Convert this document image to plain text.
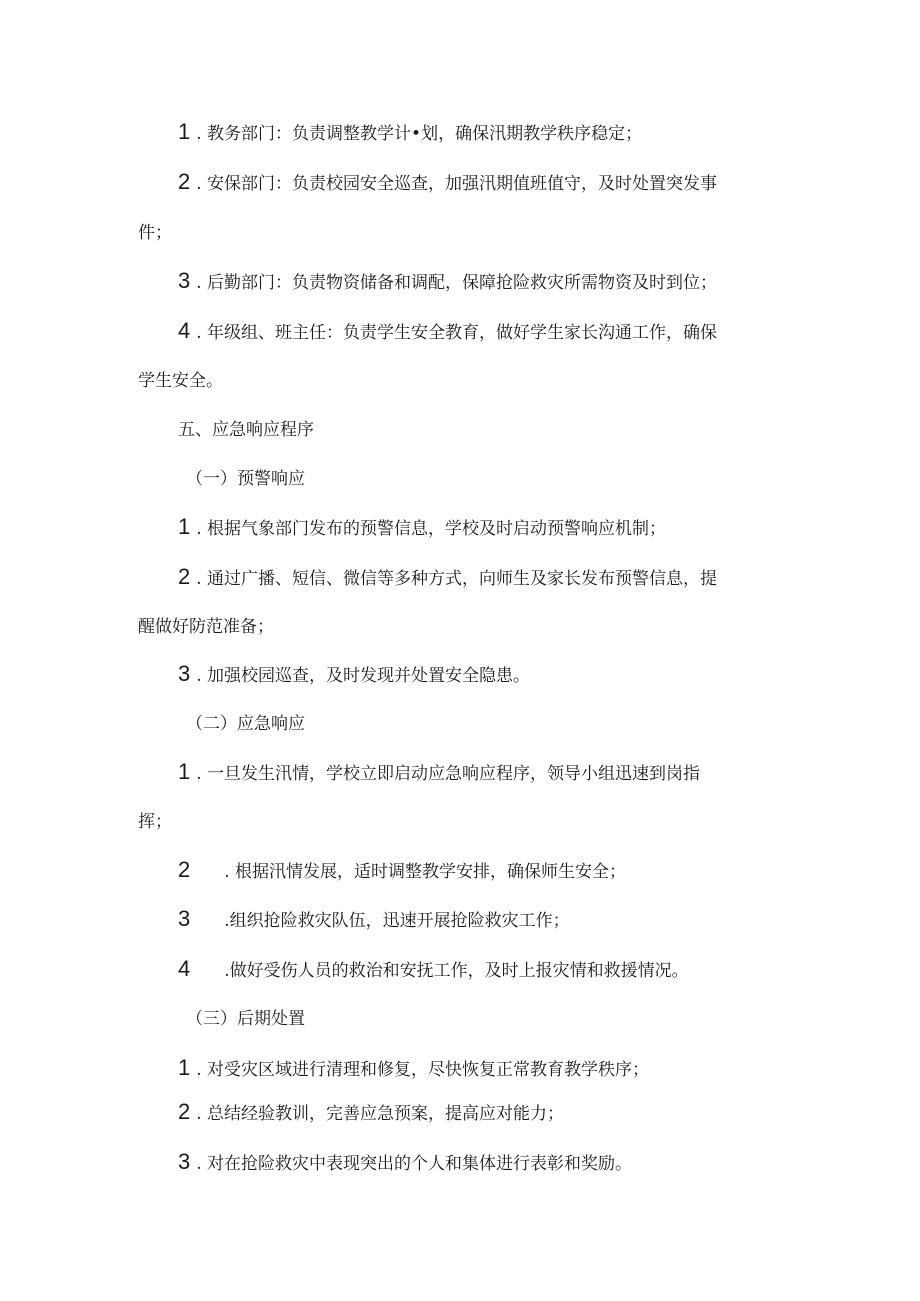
1 . 教务部门：负责调整教学计•划，确保汛期教学秩序稳定；
2 . 安保部门：负责校园安全巡查，加强汛期值班值守，及时处置突发事
件；
3 . 后勤部门：负责物资储备和调配，保障抢险救灾所需物资及时到位；
4 . 年级组、班主任：负责学生安全教育，做好学生家长沟通工作，确保
学生安全。
五、应急响应程序
（一）预警响应
1 . 根据气象部门发布的预警信息，学校及时启动预警响应机制；
2 . 通过广播、短信、微信等多种方式，向师生及家长发布预警信息，提
醒做好防范准备；
3 . 加强校园巡查，及时发现并处置安全隐患。
（二）应急响应
1 . 一旦发生汛情，学校立即启动应急响应程序，领导小组迅速到岗指
挥；
2 . 根据汛情发展，适时调整教学安排，确保师生安全；
3 .组织抢险救灾队伍，迅速开展抢险救灾工作；
4 .做好受伤人员的救治和安抚工作，及时上报灾情和救援情况。
（三）后期处置
1 . 对受灾区域进行清理和修复，尽快恢复正常教育教学秩序；
2 . 总结经验教训，完善应急预案，提高应对能力；
3 . 对在抢险救灾中表现突出的个人和集体进行表彰和奖励。
